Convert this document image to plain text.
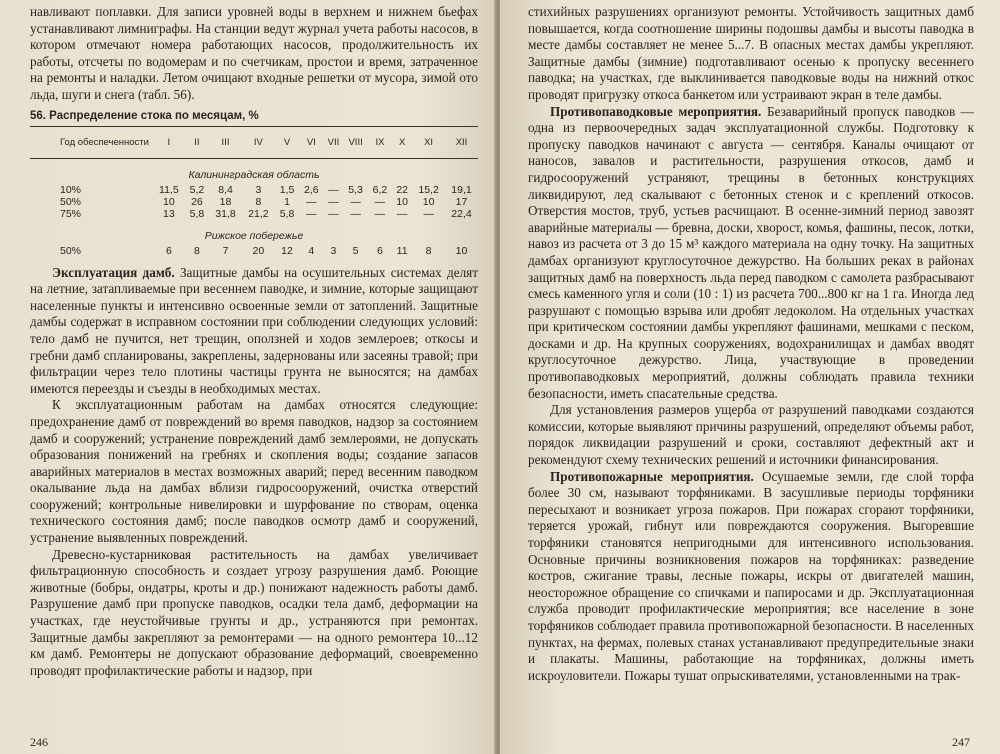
навливают поплавки. Для записи уровней воды в верхнем и нижнем бьефах устанавливают лимниграфы. На станции ведут журнал учета работы насосов, в котором отмечают номера работающих насосов, продолжительность их работы, отсчеты по водомерам и по счетчикам, простои и время, затраченное на ремонты и наладки. Летом очищают входные решетки от мусора, зимой ото льда, шуги и снега (табл. 56).

56. Распределение стока по месяцам, %
Год обеспеченности	I	II	III	IV	V	VI	VII	VIII	IX	X	XI	XII
Калининградская область												
10%	11,5	5,2	8,4	3	1,5	2,6	—	5,3	6,2	22	15,2	19,1
50%	10	26	18	8	1	—	—	—	—	10	10	17
75%	13	5,8	31,8	21,2	5,8	—	—	—	—	—	—	22,4
Рижское побережье												
50%	6	8	7	20	12	4	3	5	6	11	8	10

Эксплуатация дамб. Защитные дамбы на осушительных системах делят на летние, затапливаемые при весеннем паводке, и зимние, которые защищают населенные пункты и интенсивно освоенные земли от затоплений. Защитные дамбы содержат в исправном состоянии при соблюдении следующих условий: тело дамб не пучится, нет трещин, оползней и ходов землероев; откосы и гребни дамб спланированы, закреплены, задернованы или засеяны травой; при фильтрации через тело плотины частицы грунта не выносятся; на дамбах имеются переезды и съезды в необходимых местах.

К эксплуатационным работам на дамбах относятся следующие: предохранение дамб от повреждений во время паводков, надзор за состоянием дамб и сооружений; устранение повреждений дамб землероями, не допускать образования понижений на гребнях и скопления воды; создание запасов аварийных материалов в местах возможных аварий; перед весенним паводком окалывание льда на дамбах вблизи гидросооружений, очистка отверстий сооружений; контрольные нивелировки и шурфование по створам, оценка технического состояния дамб; после паводков осмотр дамб и сооружений, устранение выявленных повреждений.

Древесно-кустарниковая растительность на дамбах увеличивает фильтрационную способность и создает угрозу разрушения дамб. Роющие животные (бобры, ондатры, кроты и др.) понижают надежность работы дамб. Разрушение дамб при пропуске паводков, осадки тела дамб, деформации на участках, где неустойчивые грунты и др., устраняются при ремонтах. Защитные дамбы закрепляют за ремонтерами — на одного ремонтера 10...12 км дамб. Ремонтеры не допускают образование деформаций, своевременно проводят профилактические работы и надзор, при

246

стихийных разрушениях организуют ремонты. Устойчивость защитных дамб повышается, когда соотношение ширины подошвы дамбы и высоты паводка в месте дамбы составляет не менее 5...7. В опасных местах дамбы укрепляют. Защитные дамбы (зимние) подготавливают осенью к пропуску весеннего паводка; на участках, где выклинивается паводковые воды на нижний откос проводят пригрузку откоса банкетом или устраивают экран в теле дамбы.

Противопаводковые мероприятия. Безаварийный пропуск паводков — одна из первоочередных задач эксплуатационной службы. Подготовку к пропуску паводков начинают с августа — сентября. Каналы очищают от наносов, завалов и растительности, разрушения откосов, дамб и гидросооружений устраняют, трещины в бетонных конструкциях ликвидируют, лед скалывают с бетонных стенок и с креплений откосов. Отверстия мостов, труб, устьев расчищают. В осенне-зимний период завозят аварийные материалы — бревна, доски, хворост, комья, фашины, песок, лотки, навоз из расчета от 3 до 15 м³ каждого материала на одну точку. На защитных дамбах организуют круглосуточное дежурство. На больших реках в районах защитных дамб на поверхность льда перед паводком с самолета разбрасывают смесь каменного угля и соли (10 : 1) из расчета 700...800 кг на 1 га. Иногда лед разрушают с помощью взрыва или дробят ледоколом. На отдельных участках при критическом состоянии дамбы укрепляют фашинами, мешками с песком, досками и др. На крупных сооружениях, водохранилищах и дамбах вводят круглосуточное дежурство. Лица, участвующие в проведении противопаводковых мероприятий, должны соблюдать правила техники безопасности, иметь спасательные средства.

Для установления размеров ущерба от разрушений паводками создаются комиссии, которые выявляют причины разрушений, определяют объемы работ, порядок ликвидации разрушений и сроки, составляют дефектный акт и рекомендуют схему технических решений и источники финансирования.

Противопожарные мероприятия. Осушаемые земли, где слой торфа более 30 см, называют торфяниками. В засушливые периоды торфяники пересыхают и возникает угроза пожаров. При пожарах сгорают торфяники, теряется урожай, гибнут или повреждаются сооружения. Выгоревшие торфяники становятся непригодными для интенсивного использования. Основные причины возникновения пожаров на торфяниках: разведение костров, сжигание травы, лесные пожары, искры от двигателей машин, неосторожное обращение со спичками и папиросами и др. Эксплуатационная служба проводит профилактические мероприятия; все население в зоне торфяников соблюдает правила противопожарной безопасности. В населенных пунктах, на фермах, полевых станах устанавливают предупредительные знаки и плакаты. Машины, работающие на торфяниках, должны иметь искроуловители. Пожары тушат опрыскивателями, установленными на трак-

247
